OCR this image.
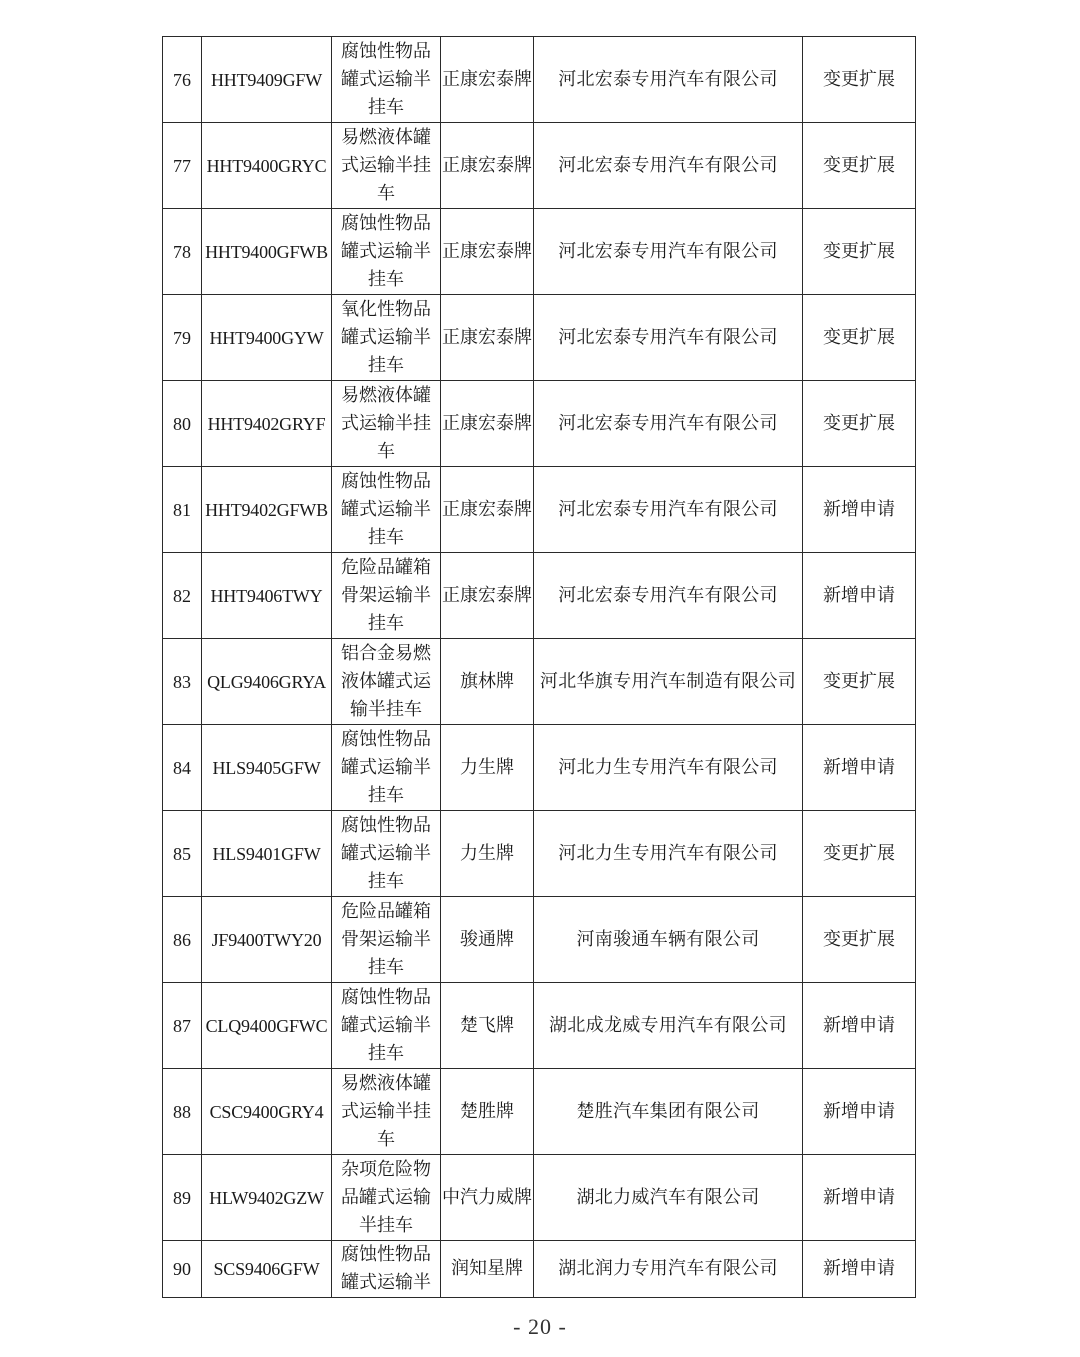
76	HHT9409GFW	腐蚀性物品罐式运输半挂车	正康宏泰牌	河北宏泰专用汽车有限公司	变更扩展
77	HHT9400GRYC	易燃液体罐式运输半挂车	正康宏泰牌	河北宏泰专用汽车有限公司	变更扩展
78	HHT9400GFWB	腐蚀性物品罐式运输半挂车	正康宏泰牌	河北宏泰专用汽车有限公司	变更扩展
79	HHT9400GYW	氧化性物品罐式运输半挂车	正康宏泰牌	河北宏泰专用汽车有限公司	变更扩展
80	HHT9402GRYF	易燃液体罐式运输半挂车	正康宏泰牌	河北宏泰专用汽车有限公司	变更扩展
81	HHT9402GFWB	腐蚀性物品罐式运输半挂车	正康宏泰牌	河北宏泰专用汽车有限公司	新增申请
82	HHT9406TWY	危险品罐箱骨架运输半挂车	正康宏泰牌	河北宏泰专用汽车有限公司	新增申请
83	QLG9406GRYA	铝合金易燃液体罐式运输半挂车	旗林牌	河北华旗专用汽车制造有限公司	变更扩展
84	HLS9405GFW	腐蚀性物品罐式运输半挂车	力生牌	河北力生专用汽车有限公司	新增申请
85	HLS9401GFW	腐蚀性物品罐式运输半挂车	力生牌	河北力生专用汽车有限公司	变更扩展
86	JF9400TWY20	危险品罐箱骨架运输半挂车	骏通牌	河南骏通车辆有限公司	变更扩展
87	CLQ9400GFWC	腐蚀性物品罐式运输半挂车	楚飞牌	湖北成龙威专用汽车有限公司	新增申请
88	CSC9400GRY4	易燃液体罐式运输半挂车	楚胜牌	楚胜汽车集团有限公司	新增申请
89	HLW9402GZW	杂项危险物品罐式运输半挂车	中汽力威牌	湖北力威汽车有限公司	新增申请
90	SCS9406GFW	腐蚀性物品罐式运输半	润知星牌	湖北润力专用汽车有限公司	新增申请
- 20 -
